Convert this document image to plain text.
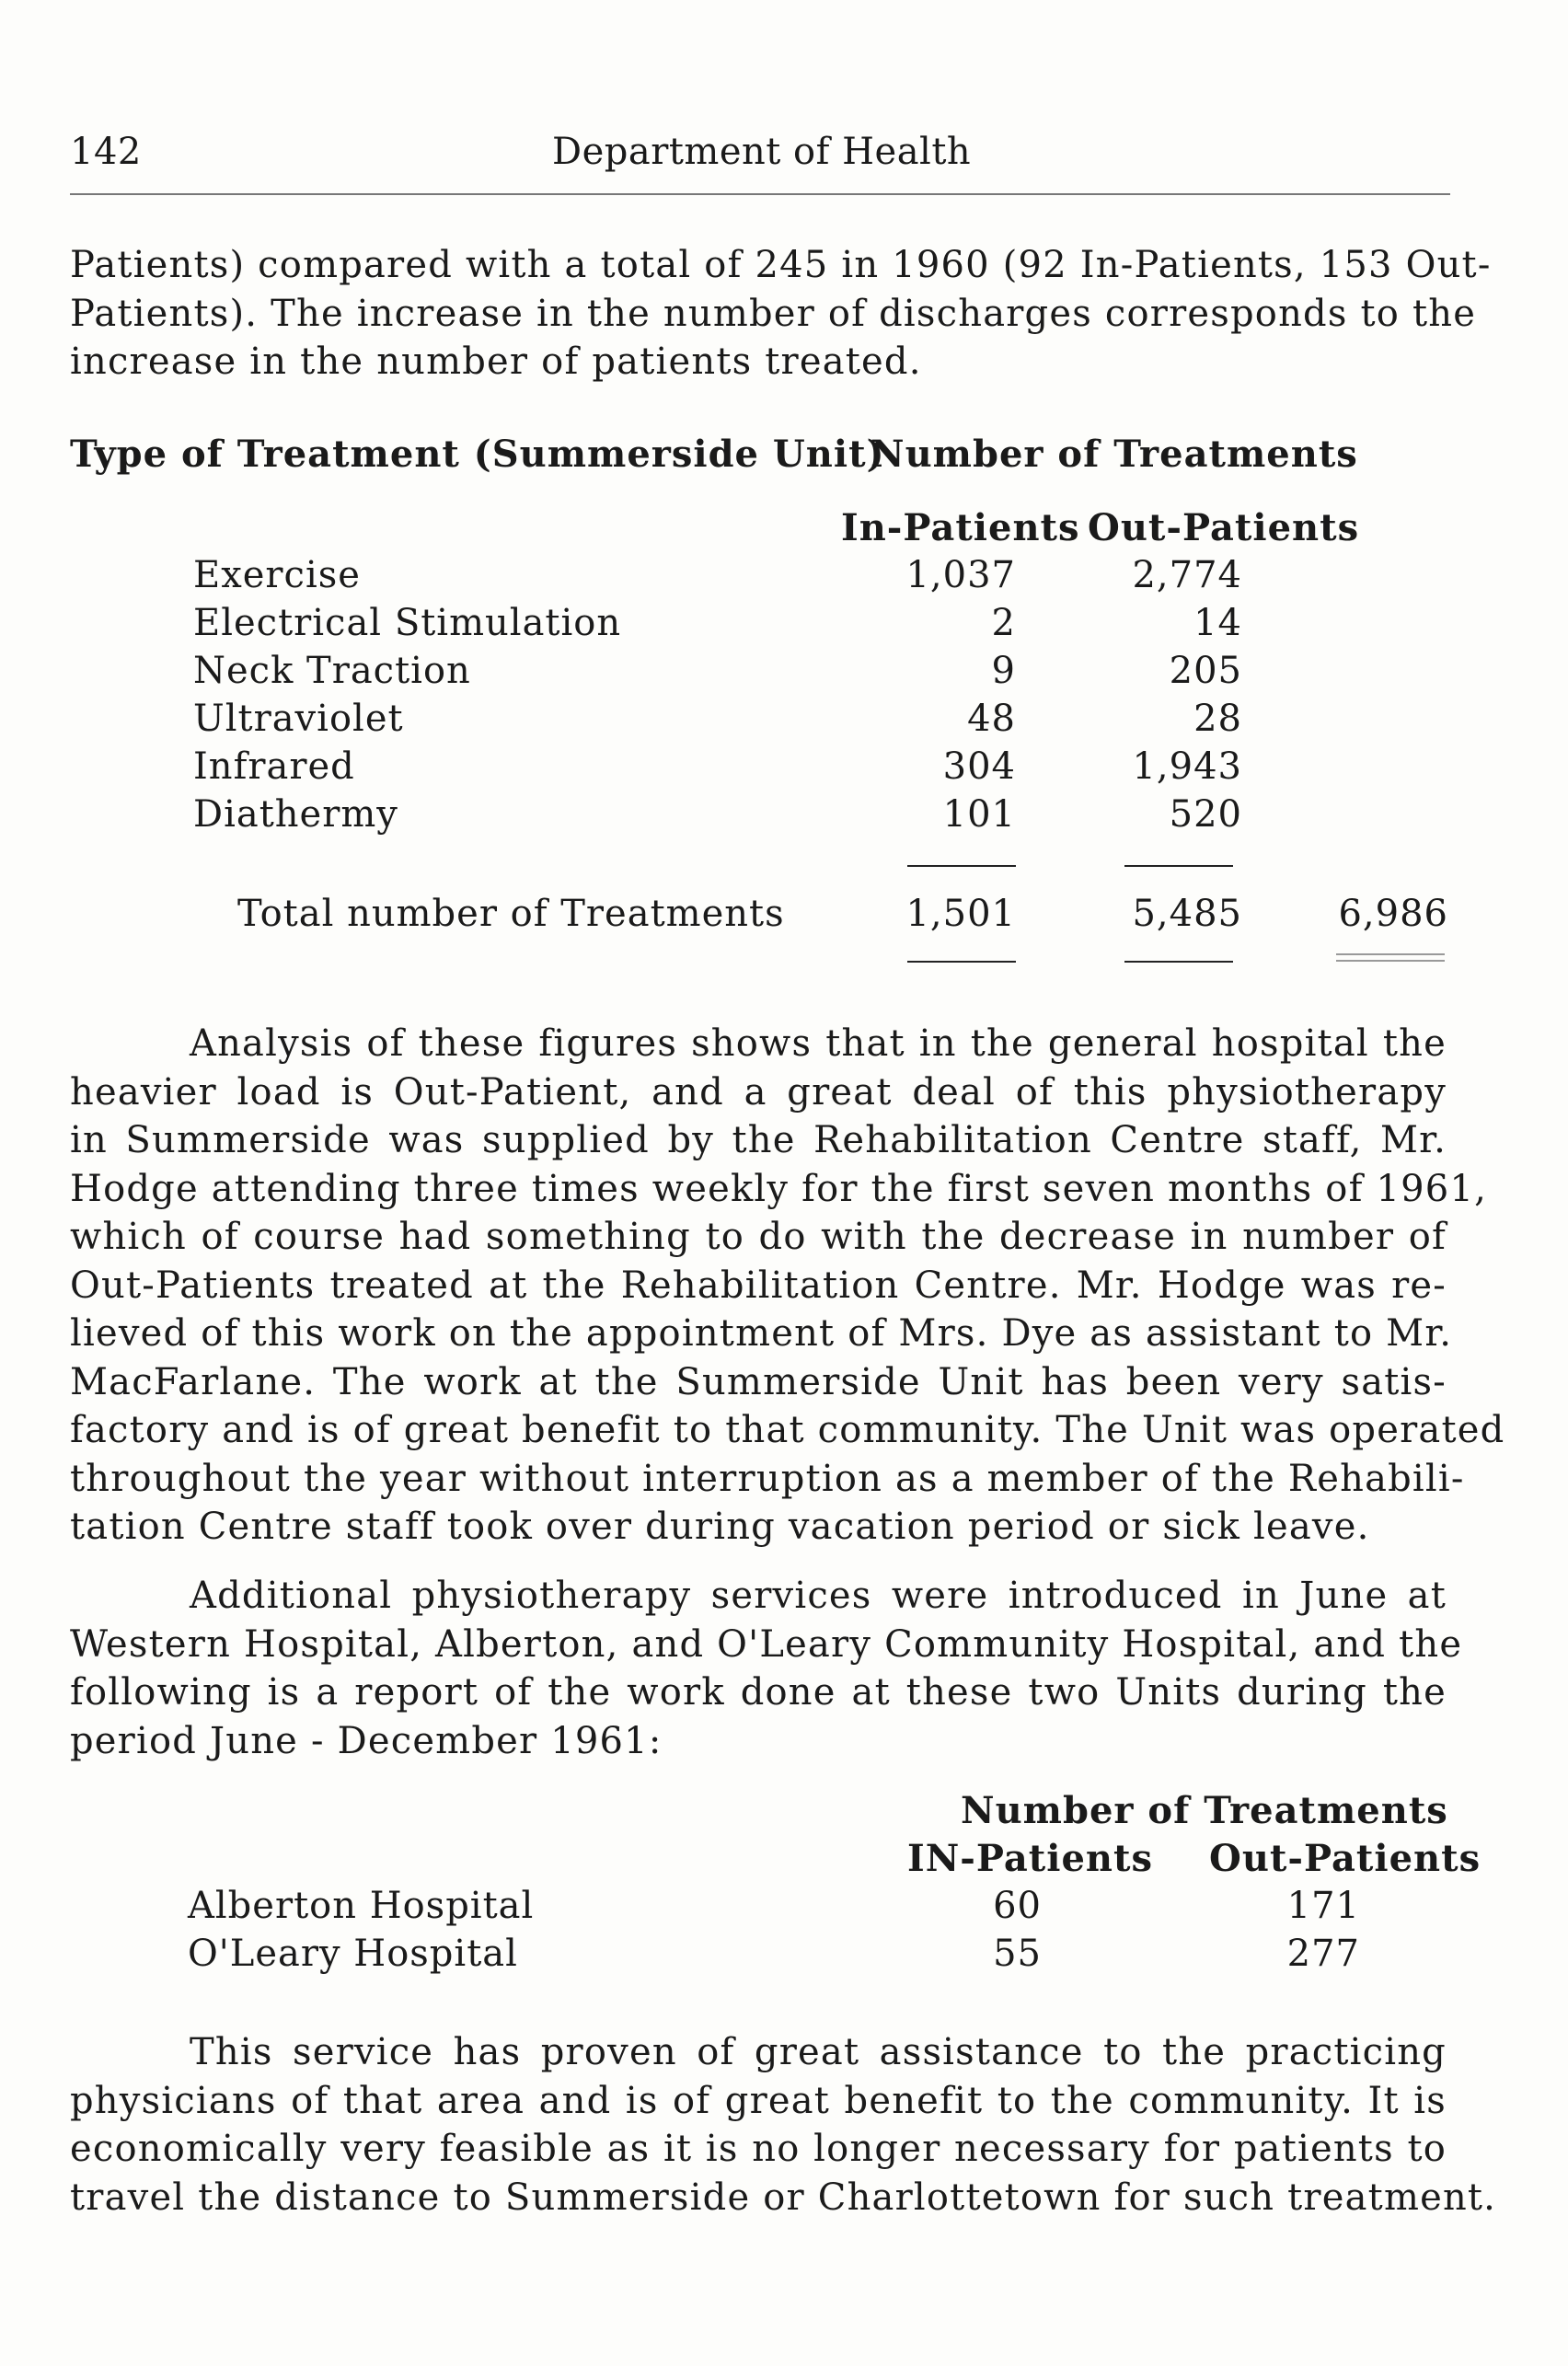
142	Department of Health
Patients) compared with a total of 245 in 1960 (92 In-Patients, 153 Out-
Patients). The increase in the number of discharges corresponds to the
increase in the number of patients treated.
Type of Treatment (Summerside Unit)
Number of Treatments
In-Patients Out-Patients
Exercise	1,037	2,774
Electrical Stimulation	2	14
Neck Traction	9	205
Ultraviolet	48	28
Infrared	304	1,943
Diathermy	101	520
Total number of Treatments	1,501	5,485	6,986
Analysis of these figures shows that in the general hospital the
heavier load is Out-Patient, and a great deal of this physiotherapy
in Summerside was supplied by the Rehabilitation Centre staff, Mr.
Hodge attending three times weekly for the first seven months of 1961,
which of course had something to do with the decrease in number of
Out-Patients treated at the Rehabilitation Centre. Mr. Hodge was re-
lieved of this work on the appointment of Mrs. Dye as assistant to Mr.
MacFarlane. The work at the Summerside Unit has been very satis-
factory and is of great benefit to that community. The Unit was operated
throughout the year without interruption as a member of the Rehabili-
tation Centre staff took over during vacation period or sick leave.
Additional physiotherapy services were introduced in June at
Western Hospital, Alberton, and O'Leary Community Hospital, and the
following is a report of the work done at these two Units during the
period June - December 1961:
Number of Treatments
IN-Patients Out-Patients
Alberton Hospital	60	171
O'Leary Hospital	55	277
This service has proven of great assistance to the practicing
physicians of that area and is of great benefit to the community. It is
economically very feasible as it is no longer necessary for patients to
travel the distance to Summerside or Charlottetown for such treatment.
